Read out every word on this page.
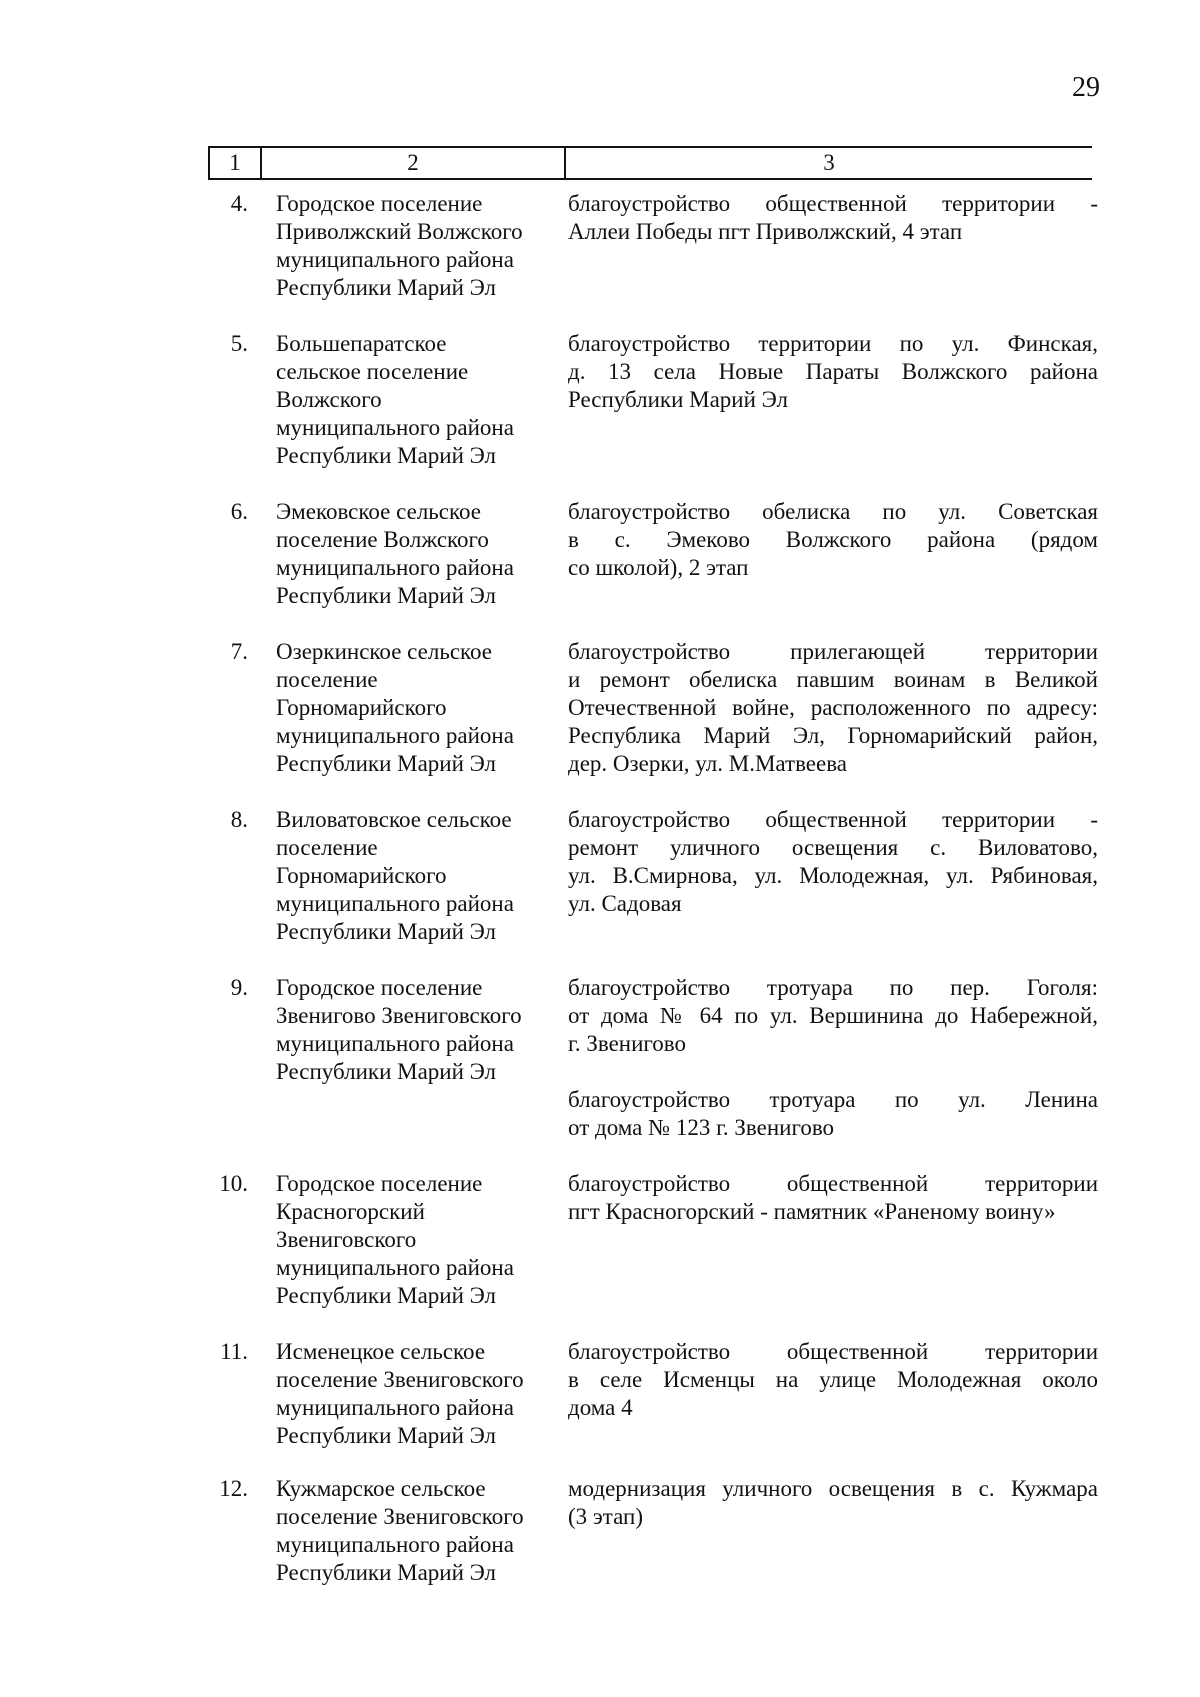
29
1	2	3
4. Городское поселение
Приволжский Волжского
муниципального района
Республики Марий Эл
благоустройство общественной территории -
Аллеи Победы пгт Приволжский, 4 этап
5. Большепаратское
сельское поселение
Волжского
муниципального района
Республики Марий Эл
благоустройство территории по ул. Финская,
д. 13 села Новые Параты Волжского района
Республики Марий Эл
6. Эмековское сельское
поселение Волжского
муниципального района
Республики Марий Эл
благоустройство обелиска по ул. Советская
в с. Эмеково Волжского района (рядом
со школой), 2 этап
7. Озеркинское сельское
поселение
Горномарийского
муниципального района
Республики Марий Эл
благоустройство прилегающей территории
и ремонт обелиска павшим воинам в Великой
Отечественной войне, расположенного по адресу:
Республика Марий Эл, Горномарийский район,
дер. Озерки, ул. М.Матвеева
8. Виловатовское сельское
поселение
Горномарийского
муниципального района
Республики Марий Эл
благоустройство общественной территории -
ремонт уличного освещения с. Виловатово,
ул. В.Смирнова, ул. Молодежная, ул. Рябиновая,
ул. Садовая
9. Городское поселение
Звенигово Звениговского
муниципального района
Республики Марий Эл
благоустройство тротуара по пер. Гоголя:
от дома № 64 по ул. Вершинина до Набережной,
г. Звенигово
благоустройство тротуара по ул. Ленина
от дома № 123 г. Звенигово
10. Городское поселение
Красногорский
Звениговского
муниципального района
Республики Марий Эл
благоустройство общественной территории
пгт Красногорский - памятник «Раненому воину»
11. Исменецкое сельское
поселение Звениговского
муниципального района
Республики Марий Эл
благоустройство общественной территории
в селе Исменцы на улице Молодежная около
дома 4
12. Кужмарское сельское
поселение Звениговского
муниципального района
Республики Марий Эл
модернизация уличного освещения в с. Кужмара
(3 этап)
